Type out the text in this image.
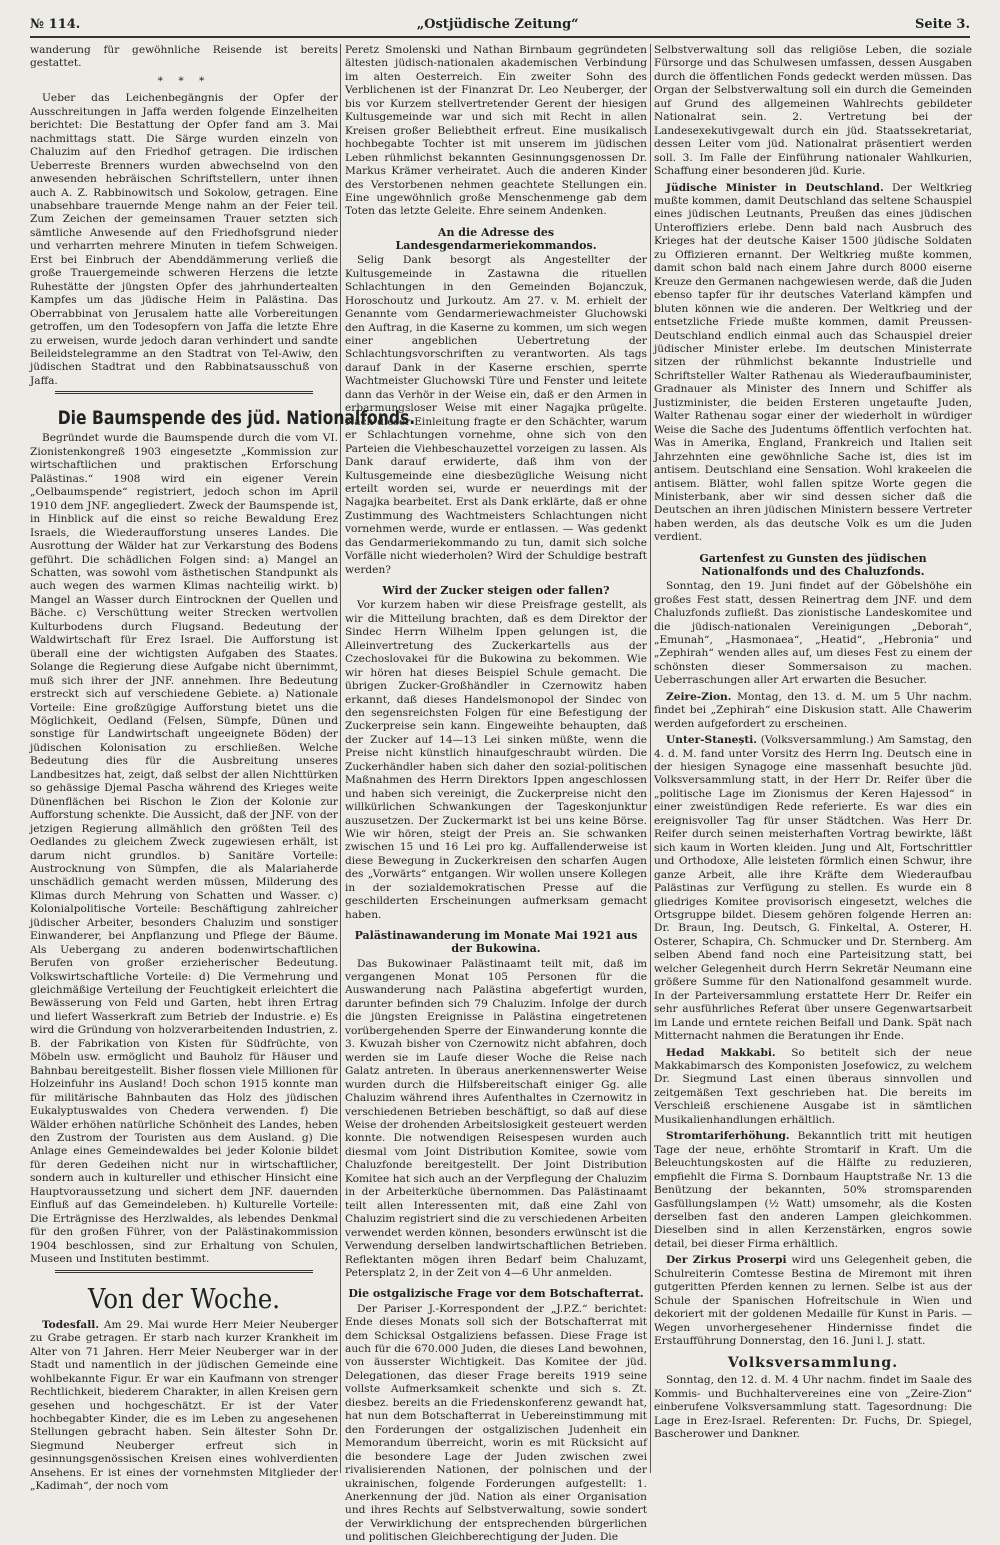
№ 114.	„Ostjüdische Zeitung“	Seite 3.

wanderung für gewöhnliche Reisende ist bereits gestattet.

* * *

Ueber das Leichenbegängnis der Opfer der Ausschreitungen in Jaffa werden folgende Einzelheiten berichtet: Die Bestattung der Opfer fand am 3. Mai nachmittags statt. Die Särge wurden einzeln von Chaluzim auf den Friedhof getragen. Die irdischen Ueberreste Brenners wurden abwechselnd von den anwesenden hebräischen Schriftstellern, unter ihnen auch A. Z. Rabbinowitsch und Sokolow, getragen. Eine unabsehbare trauernde Menge nahm an der Feier teil. Zum Zeichen der gemeinsamen Trauer setzten sich sämtliche Anwesende auf den Friedhofsgrund nieder und verharrten mehrere Minuten in tiefem Schweigen. Erst bei Einbruch der Abenddämmerung verließ die große Trauergemeinde schweren Herzens die letzte Ruhestätte der jüngsten Opfer des jahrhundertealten Kampfes um das jüdische Heim in Palästina. Das Oberrabbinat von Jerusalem hatte alle Vorbereitungen getroffen, um den Todesopfern von Jaffa die letzte Ehre zu erweisen, wurde jedoch daran verhindert und sandte Beileidstelegramme an den Stadtrat von Tel-Awiw, den jüdischen Stadtrat und den Rabbinatsausschuß von Jaffa.

Die Baumspende des jüd. Nationalfonds.

Begründet wurde die Baumspende durch die vom VI. Zionistenkongreß 1903 eingesetzte „Kommission zur wirtschaftlichen und praktischen Erforschung Palästinas.“ 1908 wird ein eigener Verein „Oelbaumspende“ registriert, jedoch schon im April 1910 dem JNF. angegliedert. Zweck der Baumspende ist, in Hinblick auf die einst so reiche Bewaldung Erez Israels, die Wiederaufforstung unseres Landes. Die Ausrottung der Wälder hat zur Verkarstung des Bodens geführt. Die schädlichen Folgen sind: a) Mangel an Schatten, was sowohl vom ästhetischen Standpunkt als auch wegen des warmen Klimas nachteilig wirkt. b) Mangel an Wasser durch Eintrocknen der Quellen und Bäche. c) Verschüttung weiter Strecken wertvollen Kulturbodens durch Flugsand. Bedeutung der Waldwirtschaft für Erez Israel. Die Aufforstung ist überall eine der wichtigsten Aufgaben des Staates. Solange die Regierung diese Aufgabe nicht übernimmt, muß sich ihrer der JNF. annehmen. Ihre Bedeutung erstreckt sich auf verschiedene Gebiete. a) Nationale Vorteile: Eine großzügige Aufforstung bietet uns die Möglichkeit, Oedland (Felsen, Sümpfe, Dünen und sonstige für Landwirtschaft ungeeignete Böden) der jüdischen Kolonisation zu erschließen. Welche Bedeutung dies für die Ausbreitung unseres Landbesitzes hat, zeigt, daß selbst der allen Nichttürken so gehässige Djemal Pascha während des Krieges weite Dünenflächen bei Rischon le Zion der Kolonie zur Aufforstung schenkte. Die Aussicht, daß der JNF. von der jetzigen Regierung allmählich den größten Teil des Oedlandes zu gleichem Zweck zugewiesen erhält, ist darum nicht grundlos. b) Sanitäre Vorteile: Austrocknung von Sümpfen, die als Malariaherde unschädlich gemacht werden müssen, Milderung des Klimas durch Mehrung von Schatten und Wasser. c) Kolonialpolitische Vorteile: Beschäftigung zahlreicher jüdischer Arbeiter, besonders Chaluzim und sonstiger Einwanderer, bei Anpflanzung und Pflege der Bäume. Als Uebergang zu anderen bodenwirtschaftlichen Berufen von großer erzieherischer Bedeutung. Volkswirtschaftliche Vorteile: d) Die Vermehrung und gleichmäßige Verteilung der Feuchtigkeit erleichtert die Bewässerung von Feld und Garten, hebt ihren Ertrag und liefert Wasserkraft zum Betrieb der Industrie. e) Es wird die Gründung von holzverarbeitenden Industrien, z. B. der Fabrikation von Kisten für Südfrüchte, von Möbeln usw. ermöglicht und Bauholz für Häuser und Bahnbau bereitgestellt. Bisher flossen viele Millionen für Holzeinfuhr ins Ausland! Doch schon 1915 konnte man für militärische Bahnbauten das Holz des jüdischen Eukalyptuswaldes von Chedera verwenden. f) Die Wälder erhöhen natürliche Schönheit des Landes, heben den Zustrom der Touristen aus dem Ausland. g) Die Anlage eines Gemeindewaldes bei jeder Kolonie bildet für deren Gedeihen nicht nur in wirtschaftlicher, sondern auch in kultureller und ethischer Hinsicht eine Hauptvoraussetzung und sichert dem JNF. dauernden Einfluß auf das Gemeindeleben. h) Kulturelle Vorteile: Die Erträgnisse des Herzlwaldes, als lebendes Denkmal für den großen Führer, von der Palästinakommission 1904 beschlossen, sind zur Erhaltung von Schulen, Museen und Instituten bestimmt.

Von der Woche.

Todesfall. Am 29. Mai wurde Herr Meier Neuberger zu Grabe getragen. Er starb nach kurzer Krankheit im Alter von 71 Jahren. Herr Meier Neuberger war in der Stadt und namentlich in der jüdischen Gemeinde eine wohlbekannte Figur. Er war ein Kaufmann von strenger Rechtlichkeit, biederem Charakter, in allen Kreisen gern gesehen und hochgeschätzt. Er ist der Vater hochbegabter Kinder, die es im Leben zu angesehenen Stellungen gebracht haben. Sein ältester Sohn Dr. Siegmund Neuberger erfreut sich in gesinnungsgenössischen Kreisen eines wohlverdienten Ansehens. Er ist eines der vornehmsten Mitglieder der „Kadimah“, der noch vom

Peretz Smolenski und Nathan Birnbaum gegründeten ältesten jüdisch-nationalen akademischen Verbindung im alten Oesterreich. Ein zweiter Sohn des Verblichenen ist der Finanzrat Dr. Leo Neuberger, der bis vor Kurzem stellvertretender Gerent der hiesigen Kultusgemeinde war und sich mit Recht in allen Kreisen großer Beliebtheit erfreut. Eine musikalisch hochbegabte Tochter ist mit unserem im jüdischen Leben rühmlichst bekannten Gesinnungsgenossen Dr. Markus Krämer verheiratet. Auch die anderen Kinder des Verstorbenen nehmen geachtete Stellungen ein. Eine ungewöhnlich große Menschenmenge gab dem Toten das letzte Geleite. Ehre seinem Andenken.

An die Adresse des Landesgendarmeriekommandos.

Selig Dank besorgt als Angestellter der Kultusgemeinde in Zastawna die rituellen Schlachtungen in den Gemeinden Bojanczuk, Horoschoutz und Jurkoutz. Am 27. v. M. erhielt der Genannte vom Gendarmeriewachmeister Gluchowski den Auftrag, in die Kaserne zu kommen, um sich wegen einer angeblichen Uebertretung der Schlachtungsvorschriften zu verantworten. Als tags darauf Dank in der Kaserne erschien, sperrte Wachtmeister Gluchowski Türe und Fenster und leitete dann das Verhör in der Weise ein, daß er den Armen in erbarmungsloser Weise mit einer Nagajka prügelte. Nach dieser Einleitung fragte er den Schächter, warum er Schlachtungen vornehme, ohne sich von den Parteien die Viehbeschauzettel vorzeigen zu lassen. Als Dank darauf erwiderte, daß ihm von der Kultusgemeinde eine diesbezügliche Weisung nicht erteilt worden sei, wurde er neuerdings mit der Nagajka bearbeitet. Erst als Dank erklärte, daß er ohne Zustimmung des Wachtmeisters Schlachtungen nicht vornehmen werde, wurde er entlassen. — Was gedenkt das Gendarmeriekommando zu tun, damit sich solche Vorfälle nicht wiederholen? Wird der Schuldige bestraft werden?

Wird der Zucker steigen oder fallen?

Vor kurzem haben wir diese Preisfrage gestellt, als wir die Mitteilung brachten, daß es dem Direktor der Sindec Herrn Wilhelm Ippen gelungen ist, die Alleinvertretung des Zuckerkartells aus der Czechoslovakei für die Bukowina zu bekommen. Wie wir hören hat dieses Beispiel Schule gemacht. Die übrigen Zucker-Großhändler in Czernowitz haben erkannt, daß dieses Handelsmonopol der Sindec von den segensreichsten Folgen für eine Befestigung der Zuckerpreise sein kann. Eingeweihte behaupten, daß der Zucker auf 14—13 Lei sinken müßte, wenn die Preise nicht künstlich hinaufgeschraubt würden. Die Zuckerhändler haben sich daher den sozial-politischen Maßnahmen des Herrn Direktors Ippen angeschlossen und haben sich vereinigt, die Zuckerpreise nicht den willkürlichen Schwankungen der Tageskonjunktur auszusetzen. Der Zuckermarkt ist bei uns keine Börse. Wie wir hören, steigt der Preis an. Sie schwanken zwischen 15 und 16 Lei pro kg. Auffallenderweise ist diese Bewegung in Zuckerkreisen den scharfen Augen des „Vorwärts“ entgangen. Wir wollen unsere Kollegen in der sozialdemokratischen Presse auf die geschilderten Erscheinungen aufmerksam gemacht haben.

Palästinawanderung im Monate Mai 1921 aus der Bukowina.

Das Bukowinaer Palästinaamt teilt mit, daß im vergangenen Monat 105 Personen für die Auswanderung nach Palästina abgefertigt wurden, darunter befinden sich 79 Chaluzim. Infolge der durch die jüngsten Ereignisse in Palästina eingetretenen vorübergehenden Sperre der Einwanderung konnte die 3. Kwuzah bisher von Czernowitz nicht abfahren, doch werden sie im Laufe dieser Woche die Reise nach Galatz antreten. In überaus anerkennenswerter Weise wurden durch die Hilfsbereitschaft einiger Gg. alle Chaluzim während ihres Aufenthaltes in Czernowitz in verschiedenen Betrieben beschäftigt, so daß auf diese Weise der drohenden Arbeitslosigkeit gesteuert werden konnte. Die notwendigen Reisespesen wurden auch diesmal vom Joint Distribution Komitee, sowie vom Chaluzfonde bereitgestellt. Der Joint Distribution Komitee hat sich auch an der Verpflegung der Chaluzim in der Arbeiterküche übernommen. Das Palästinaamt teilt allen Interessenten mit, daß eine Zahl von Chaluzim registriert sind die zu verschiedenen Arbeiten verwendet werden können, besonders erwünscht ist die Verwendung derselben landwirtschaftlichen Betrieben. Reflektanten mögen ihren Bedarf beim Chaluzamt, Petersplatz 2, in der Zeit von 4—6 Uhr anmelden.

Die ostgalizische Frage vor dem Botschafterrat.

Der Pariser J.-Korrespondent der „J.P.Z.“ berichtet: Ende dieses Monats soll sich der Botschafterrat mit dem Schicksal Ostgaliziens befassen. Diese Frage ist auch für die 670.000 Juden, die dieses Land bewohnen, von äusserster Wichtigkeit. Das Komitee der jüd. Delegationen, das dieser Frage bereits 1919 seine vollste Aufmerksamkeit schenkte und sich s. Zt. diesbez. bereits an die Friedenskonferenz gewandt hat, hat nun dem Botschafterrat in Uebereinstimmung mit den Forderungen der ostgalizischen Judenheit ein Memorandum überreicht, worin es mit Rücksicht auf die besondere Lage der Juden zwischen zwei rivalisierenden Nationen, der polnischen und der ukrainischen, folgende Forderungen aufgestellt: 1. Anerkennung der jüd. Nation als einer Organisation und ihres Rechts auf Selbstverwaltung, sowie sondert der Verwirklichung der entsprechenden bürgerlichen und politischen Gleichberechtigung der Juden. Die

Selbstverwaltung soll das religiöse Leben, die soziale Fürsorge und das Schulwesen umfassen, dessen Ausgaben durch die öffentlichen Fonds gedeckt werden müssen. Das Organ der Selbstverwaltung soll ein durch die Gemeinden auf Grund des allgemeinen Wahlrechts gebildeter Nationalrat sein. 2. Vertretung bei der Landesexekutivgewalt durch ein jüd. Staatssekretariat, dessen Leiter vom jüd. Nationalrat präsentiert werden soll. 3. Im Falle der Einführung nationaler Wahlkurien, Schaffung einer besonderen jüd. Kurie.

Jüdische Minister in Deutschland. Der Weltkrieg mußte kommen, damit Deutschland das seltene Schauspiel eines jüdischen Leutnants, Preußen das eines jüdischen Unteroffiziers erlebe. Denn bald nach Ausbruch des Krieges hat der deutsche Kaiser 1500 jüdische Soldaten zu Offizieren ernannt. Der Weltkrieg mußte kommen, damit schon bald nach einem Jahre durch 8000 eiserne Kreuze den Germanen nachgewiesen werde, daß die Juden ebenso tapfer für ihr deutsches Vaterland kämpfen und bluten können wie die anderen. Der Weltkrieg und der entsetzliche Friede mußte kommen, damit Preussen-Deutschland endlich einmal auch das Schauspiel dreier jüdischer Minister erlebe. Im deutschen Ministerrate sitzen der rühmlichst bekannte Industrielle und Schriftsteller Walter Rathenau als Wiederaufbauminister, Gradnauer als Minister des Innern und Schiffer als Justizminister, die beiden Ersteren ungetaufte Juden, Walter Rathenau sogar einer der wiederholt in würdiger Weise die Sache des Judentums öffentlich verfochten hat. Was in Amerika, England, Frankreich und Italien seit Jahrzehnten eine gewöhnliche Sache ist, dies ist im antisem. Deutschland eine Sensation. Wohl krakeelen die antisem. Blätter, wohl fallen spitze Worte gegen die Ministerbank, aber wir sind dessen sicher daß die Deutschen an ihren jüdischen Ministern bessere Vertreter haben werden, als das deutsche Volk es um die Juden verdient.

Gartenfest zu Gunsten des jüdischen Nationalfonds und des Chaluzfonds.

Sonntag, den 19. Juni findet auf der Göbelshöhe ein großes Fest statt, dessen Reinertrag dem JNF. und dem Chaluzfonds zufließt. Das zionistische Landeskomitee und die jüdisch-nationalen Vereinigungen „Deborah“, „Emunah“, „Hasmonaea“, „Heatid“, „Hebronia“ und „Zephirah“ wenden alles auf, um dieses Fest zu einem der schönsten dieser Sommersaison zu machen. Ueberraschungen aller Art erwarten die Besucher.

Zeire-Zion. Montag, den 13. d. M. um 5 Uhr nachm. findet bei „Zephirah“ eine Diskusion statt. Alle Chawerim werden aufgefordert zu erscheinen.

Unter-Stanești. (Volksversammlung.) Am Samstag, den 4. d. M. fand unter Vorsitz des Herrn Ing. Deutsch eine in der hiesigen Synagoge eine massenhaft besuchte jüd. Volksversammlung statt, in der Herr Dr. Reifer über die „politische Lage im Zionismus der Keren Hajessod“ in einer zweistündigen Rede referierte. Es war dies ein ereignisvoller Tag für unser Städtchen. Was Herr Dr. Reifer durch seinen meisterhaften Vortrag bewirkte, läßt sich kaum in Worten kleiden. Jung und Alt, Fortschrittler und Orthodoxe, Alle leisteten förmlich einen Schwur, ihre ganze Arbeit, alle ihre Kräfte dem Wiederaufbau Palästinas zur Verfügung zu stellen. Es wurde ein 8 gliedriges Komitee provisorisch eingesetzt, welches die Ortsgruppe bildet. Diesem gehören folgende Herren an: Dr. Braun, Ing. Deutsch, G. Finkeltal, A. Osterer, H. Osterer, Schapira, Ch. Schmucker und Dr. Sternberg. Am selben Abend fand noch eine Parteisitzung statt, bei welcher Gelegenheit durch Herrn Sekretär Neumann eine größere Summe für den Nationalfond gesammelt wurde. In der Parteiversammlung erstattete Herr Dr. Reifer ein sehr ausführliches Referat über unsere Gegenwartsarbeit im Lande und erntete reichen Beifall und Dank. Spät nach Mitternacht nahmen die Beratungen ihr Ende.

Hedad Makkabi. So betitelt sich der neue Makkabimarsch des Komponisten Josefowicz, zu welchem Dr. Siegmund Last einen überaus sinnvollen und zeitgemäßen Text geschrieben hat. Die bereits im Verschleiß erschienene Ausgabe ist in sämtlichen Musikalienhandlungen erhältlich.

Stromtariferhöhung. Bekanntlich tritt mit heutigen Tage der neue, erhöhte Stromtarif in Kraft. Um die Beleuchtungskosten auf die Hälfte zu reduzieren, empfiehlt die Firma S. Dornbaum Hauptstraße Nr. 13 die Benützung der bekannten, 50% stromsparenden Gasfüllungslampen (½ Watt) umsomehr, als die Kosten derselben fast den anderen Lampen gleichkommen. Dieselben sind in allen Kerzenstärken, engros sowie detail, bei dieser Firma erhältlich.

Der Zirkus Proserpi wird uns Gelegenheit geben, die Schulreiterin Comtesse Bestina de Miremont mit ihren gutgeritten Pferden kennen zu lernen. Selbe ist aus der Schule der Spanischen Hofreitschule in Wien und dekoriert mit der goldenen Medaille für Kunst in Paris. — Wegen unvorhergesehener Hindernisse findet die Erstaufführung Donnerstag, den 16. Juni l. J. statt.

Volksversammlung.

Sonntag, den 12. d. M. 4 Uhr nachm. findet im Saale des Kommis- und Buchhaltervereines eine von „Zeire-Zion“ einberufene Volksversammlung statt. Tagesordnung: Die Lage in Erez-Israel. Referenten: Dr. Fuchs, Dr. Spiegel, Bascherower und Dankner.
